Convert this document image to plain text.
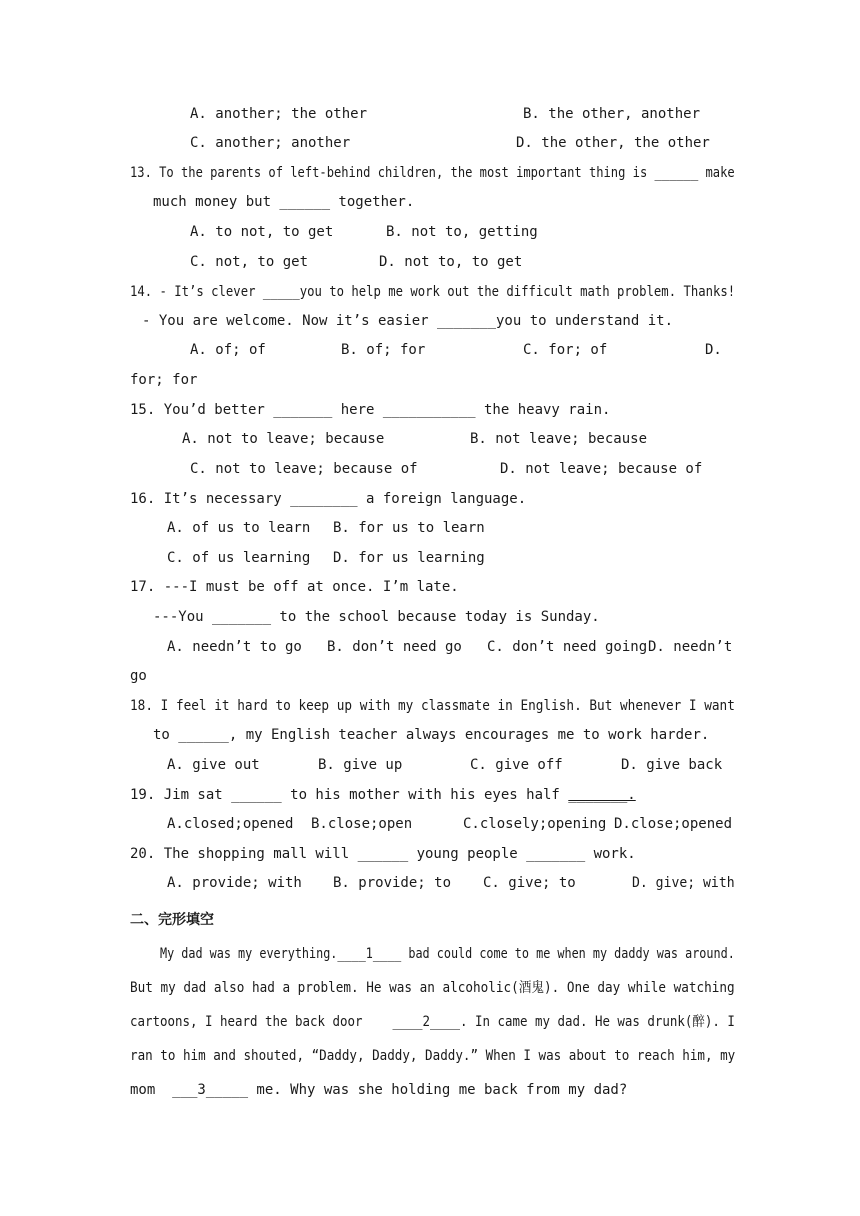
A. another; the other	B. the other, another
C. another; another	D. the other, the other
13. To the parents of left-behind children, the most important thing is ______ make
much money but ______ together.
A. to not, to get	B. not to, getting
C. not, to get	D. not to, to get
14. - It’s clever _____you to help me work out the difficult math problem. Thanks!
- You are welcome. Now it’s easier _______you to understand it.
A. of; of	B. of; for	C. for; of	D.
for; for
15. You’d better _______ here ___________ the heavy rain.
A. not to leave; because	B. not leave; because
C. not to leave; because of	D. not leave; because of
16. It’s necessary ________ a foreign language.
A. of us to learn B. for us to learn
C. of us learning D. for us learning
17. ---I must be off at once. I’m late.
---You _______ to the school because today is Sunday.
A. needn’t to go B. don’t need go C. don’t need going D. needn’t
go
18. I feel it hard to keep up with my classmate in English. But whenever I want
to ______, my English teacher always encourages me to work harder.
A. give out	B. give up	C. give off	D. give back
19. Jim sat ______ to his mother with his eyes half _______.
A.closed;opened B.close;open	C.closely;opening D.close;opened
20. The shopping mall will ______ young people _______ work.
A. provide; with B. provide; to C. give; to	D. give; with
二、完形填空
My dad was my everything.____1____ bad could come to me when my daddy was around.
But my dad also had a problem. He was an alcoholic(酒鬼). One day while watching
cartoons, I heard the back door    ____2____. In came my dad. He was drunk(醉). I
ran to him and shouted, “Daddy, Daddy, Daddy.” When I was about to reach him, my
mom  ___3_____ me. Why was she holding me back from my dad?
